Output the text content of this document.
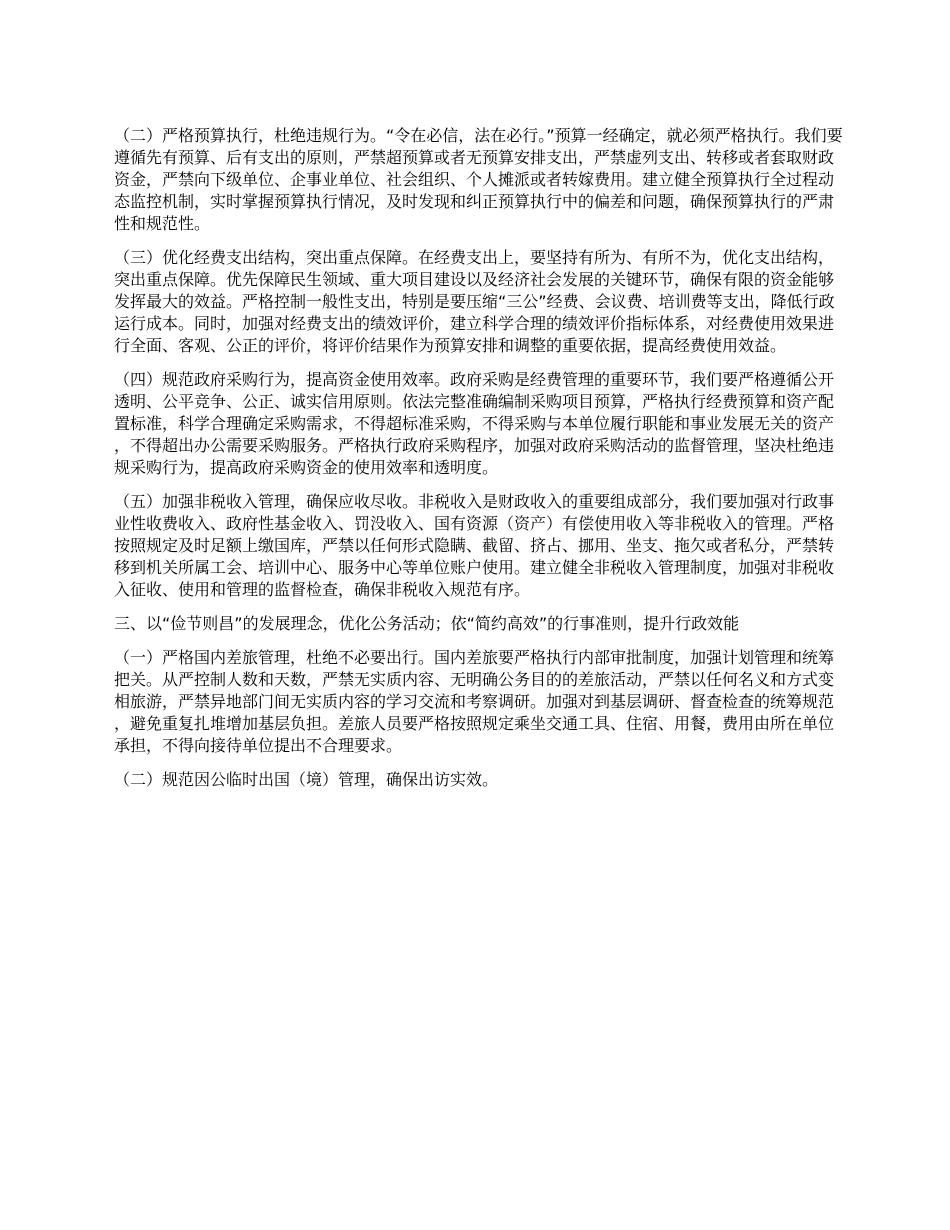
（二）严格预算执行，杜绝违规行为。“令在必信，法在必行。”预算一经确定，就必须严格执行。我们要遵循先有预算、后有支出的原则，严禁超预算或者无预算安排支出，严禁虚列支出、转移或者套取财政资金，严禁向下级单位、企事业单位、社会组织、个人摊派或者转嫁费用。建立健全预算执行全过程动态监控机制，实时掌握预算执行情况，及时发现和纠正预算执行中的偏差和问题，确保预算执行的严肃性和规范性。

（三）优化经费支出结构，突出重点保障。在经费支出上，要坚持有所为、有所不为，优化支出结构，突出重点保障。优先保障民生领域、重大项目建设以及经济社会发展的关键环节，确保有限的资金能够发挥最大的效益。严格控制一般性支出，特别是要压缩“三公”经费、会议费、培训费等支出，降低行政运行成本。同时，加强对经费支出的绩效评价，建立科学合理的绩效评价指标体系，对经费使用效果进行全面、客观、公正的评价，将评价结果作为预算安排和调整的重要依据，提高经费使用效益。

（四）规范政府采购行为，提高资金使用效率。政府采购是经费管理的重要环节，我们要严格遵循公开透明、公平竞争、公正、诚实信用原则。依法完整准确编制采购项目预算，严格执行经费预算和资产配置标准，科学合理确定采购需求，不得超标准采购，不得采购与本单位履行职能和事业发展无关的资产，不得超出办公需要采购服务。严格执行政府采购程序，加强对政府采购活动的监督管理，坚决杜绝违规采购行为，提高政府采购资金的使用效率和透明度。

（五）加强非税收入管理，确保应收尽收。非税收入是财政收入的重要组成部分，我们要加强对行政事业性收费收入、政府性基金收入、罚没收入、国有资源（资产）有偿使用收入等非税收入的管理。严格按照规定及时足额上缴国库，严禁以任何形式隐瞒、截留、挤占、挪用、坐支、拖欠或者私分，严禁转移到机关所属工会、培训中心、服务中心等单位账户使用。建立健全非税收入管理制度，加强对非税收入征收、使用和管理的监督检查，确保非税收入规范有序。

三、以“俭节则昌”的发展理念，优化公务活动；依“简约高效”的行事准则，提升行政效能

（一）严格国内差旅管理，杜绝不必要出行。国内差旅要严格执行内部审批制度，加强计划管理和统筹把关。从严控制人数和天数，严禁无实质内容、无明确公务目的的差旅活动，严禁以任何名义和方式变相旅游，严禁异地部门间无实质内容的学习交流和考察调研。加强对到基层调研、督查检查的统筹规范，避免重复扎堆增加基层负担。差旅人员要严格按照规定乘坐交通工具、住宿、用餐，费用由所在单位承担，不得向接待单位提出不合理要求。

（二）规范因公临时出国（境）管理，确保出访实效。
